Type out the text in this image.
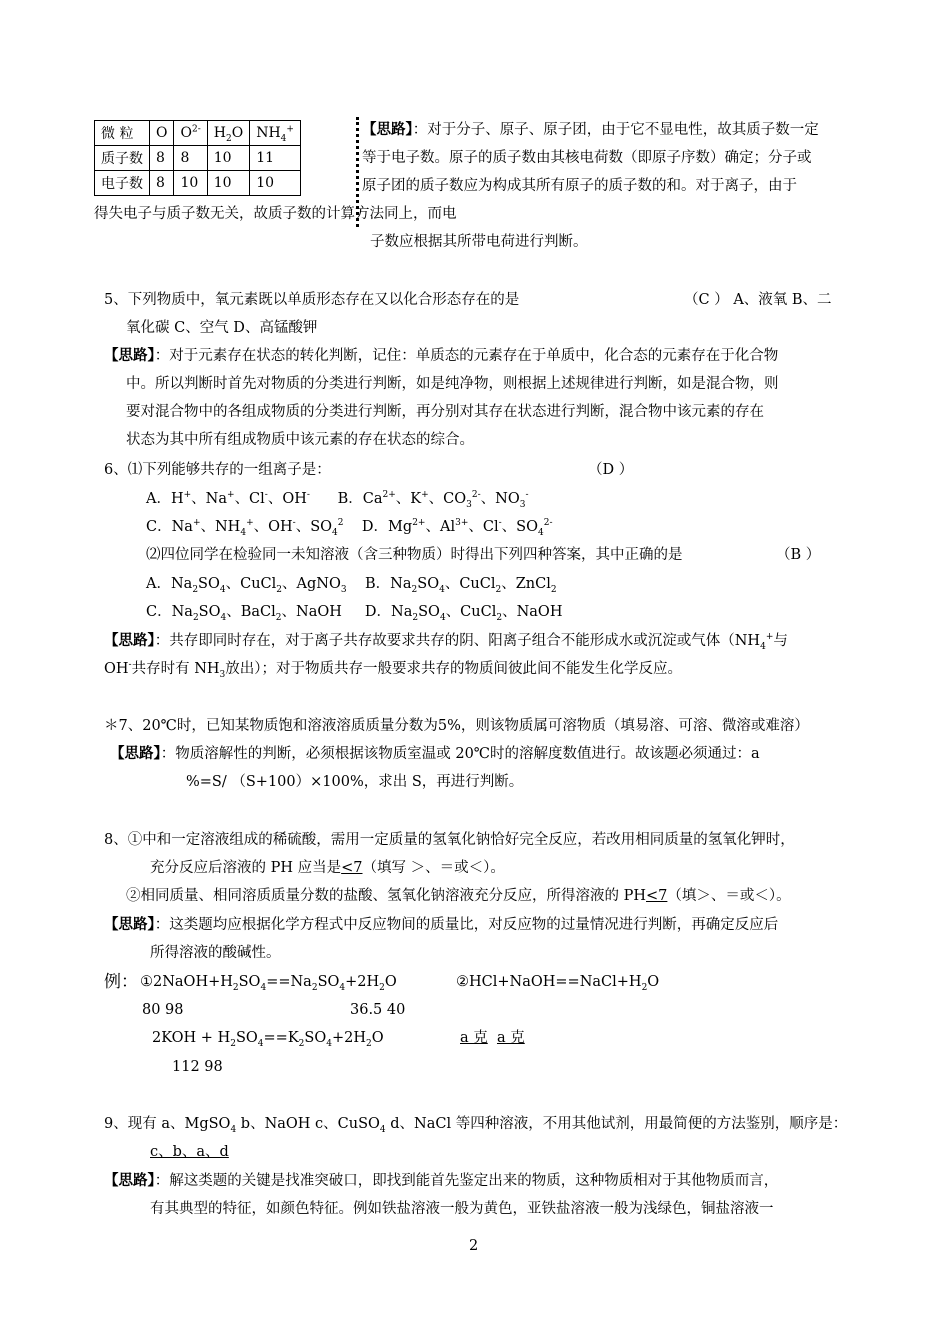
微 粒	O	$O^{2-}$	$H_2O$	$NH_4^+$
质子数	8	8	10	11
电子数	8	10	10	10
【思路】：对于分子、原子、原子团，由于它不显电性，故其质子数一定
等于电子数。原子的质子数由其核电荷数（即原子序数）确定；分子或
原子团的质子数应为构成其所有原子的质子数的和。对于离子，由于
得失电子与质子数无关，故质子数的计算方法同上，而电
子数应根据其所带电荷进行判断。
5、下列物质中，氧元素既以单质形态存在又以化合形态存在的是	（C ） A、液氧 B、二
氧化碳 C、空气 D、高锰酸钾
【思路】：对于元素存在状态的转化判断，记住：单质态的元素存在于单质中，化合态的元素存在于化合物
中。所以判断时首先对物质的分类进行判断，如是纯净物，则根据上述规律进行判断，如是混合物，则
要对混合物中的各组成物质的分类进行判断，再分别对其存在状态进行判断，混合物中该元素的存在
状态为其中所有组成物质中该元素的存在状态的综合。
6、⑴下列能够共存的一组离子是：	（D ）
A．H+、Na+、Cl-、OH-      B．$Ca^{2+}$、K+、$CO_3^{2-}$、$NO_3^-$
C．Na+、$NH_4^+$、OH-、$SO_4^2$    D．$Mg^{2+}$、$Al^{3+}$、Cl-、$SO_4^{2-}$
⑵四位同学在检验同一未知溶液（含三种物质）时得出下列四种答案，其中正确的是	（B ）
A．$Na_2SO_4$、CuCl$_2$、AgNO$_3$    B．$Na_2SO_4$、CuCl$_2$、ZnCl$_2$
C．$Na_2SO_4$、BaCl$_2$、NaOH     D．$Na_2SO_4$、CuCl$_2$、NaOH
【思路】：共存即同时存在，对于离子共存故要求共存的阴、阳离子组合不能形成水或沉淀或气体（$NH_4^+$与
OH-共存时有 $NH_3$放出）；对于物质共存一般要求共存的物质间彼此间不能发生化学反应。
＊7、20℃时，已知某物质饱和溶液溶质质量分数为5%，则该物质属可溶物质（填易溶、可溶、微溶或难溶）
【思路】：物质溶解性的判断，必须根据该物质室温或 20℃时的溶解度数值进行。故该题必须通过：a
%=S/ （S+100）×100%，求出 S，再进行判断。
8、①中和一定溶液组成的稀硫酸，需用一定质量的氢氧化钠恰好完全反应，若改用相同质量的氢氧化钾时，
充分反应后溶液的 PH 应当是<7（填写 ＞、＝或＜）。
②相同质量、相同溶质质量分数的盐酸、氢氧化钠溶液充分反应，所得溶液的 PH<7（填＞、＝或＜）。
【思路】：这类题均应根据化学方程式中反应物间的质量比，对反应物的过量情况进行判断，再确定反应后
所得溶液的酸碱性。
例： $①2NaOH+H_2SO_4==Na_2SO_4+2H_2O$	$②HCl+NaOH==NaCl+H_2O$
80 98	36.5 40
$2KOH + H_2SO_4==K_2SO_4+2H_2O$	a 克 a 克
112 98
9、现有 a、MgSO$_4$ b、NaOH c、CuSO$_4$ d、NaCl 等四种溶液，不用其他试剂，用最简便的方法鉴别，顺序是：
c、b、a、d
【思路】：解这类题的关键是找准突破口，即找到能首先鉴定出来的物质，这种物质相对于其他物质而言，
有其典型的特征，如颜色特征。例如铁盐溶液一般为黄色，亚铁盐溶液一般为浅绿色，铜盐溶液一
2
